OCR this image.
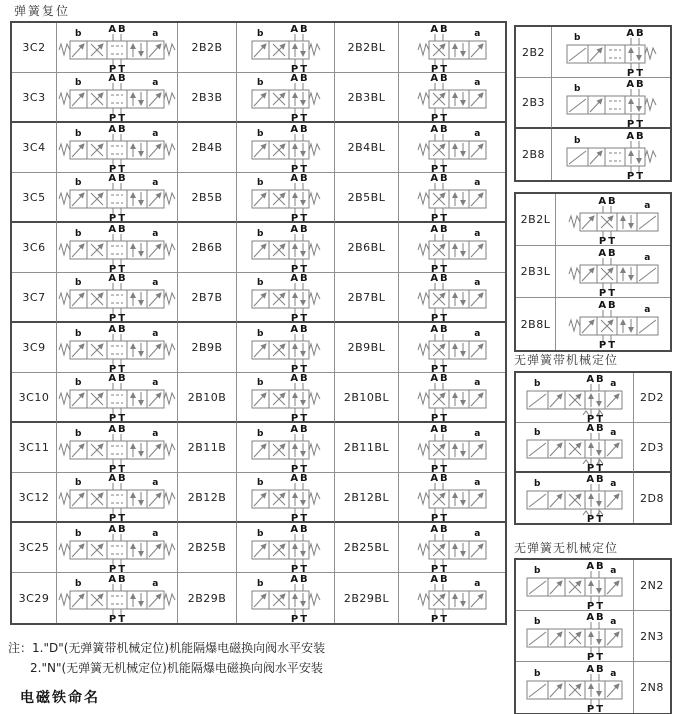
弹簧复位
3C2
AB
PT
b	a
2B2B
AB
PT
b
2B2BL
AB
PT
a
3C3
AB
PT
b	a
2B3B
AB
PT
b
2B3BL
AB
PT
a
3C4
AB
PT
b	a
2B4B
AB
PT
b
2B4BL
AB
PT
a
3C5
AB
PT
b	a
2B5B
AB
PT
b
2B5BL
AB
PT
a
3C6
AB
PT
b	a
2B6B
AB
PT
b
2B6BL
AB
PT
a
3C7
AB
PT
b	a
2B7B
AB
PT
b
2B7BL
AB
PT
a
3C9
AB
PT
b	a
2B9B
AB
PT
b
2B9BL
AB
PT
a
3C10
AB
PT
b	a
2B10B
AB
PT
b
2B10BL
AB
PT
a
3C11
AB
PT
b	a
2B11B
AB
PT
b
2B11BL
AB
PT
a
3C12
AB
PT
b	a
2B12B
AB
PT
b
2B12BL
AB
PT
a
3C25
AB
PT
b	a
2B25B
AB
PT
b
2B25BL
AB
PT
a
3C29
AB
PT
b	a
2B29B
AB
PT
b
2B29BL
AB
PT
a
2B2
AB
PT
b
2B3
AB
PT
b
2B8
AB
PT
b
2B2L
AB
PT
a
2B3L
AB
PT
a
2B8L
AB
PT
a
无弹簧带机械定位
AB
PT
b	a
2D2
AB
PT
b	a
2D3
AB
PT
b	a
2D8
无弹簧无机械定位
AB
PT
b	a
2N2
AB
PT
b	a
2N3
AB
PT
b	a
2N8
注：1."D"(无弹簧带机械定位)机能隔爆电磁换向阀水平安装
2."N"(无弹簧无机械定位)机能隔爆电磁换向阀水平安装
电磁铁命名
